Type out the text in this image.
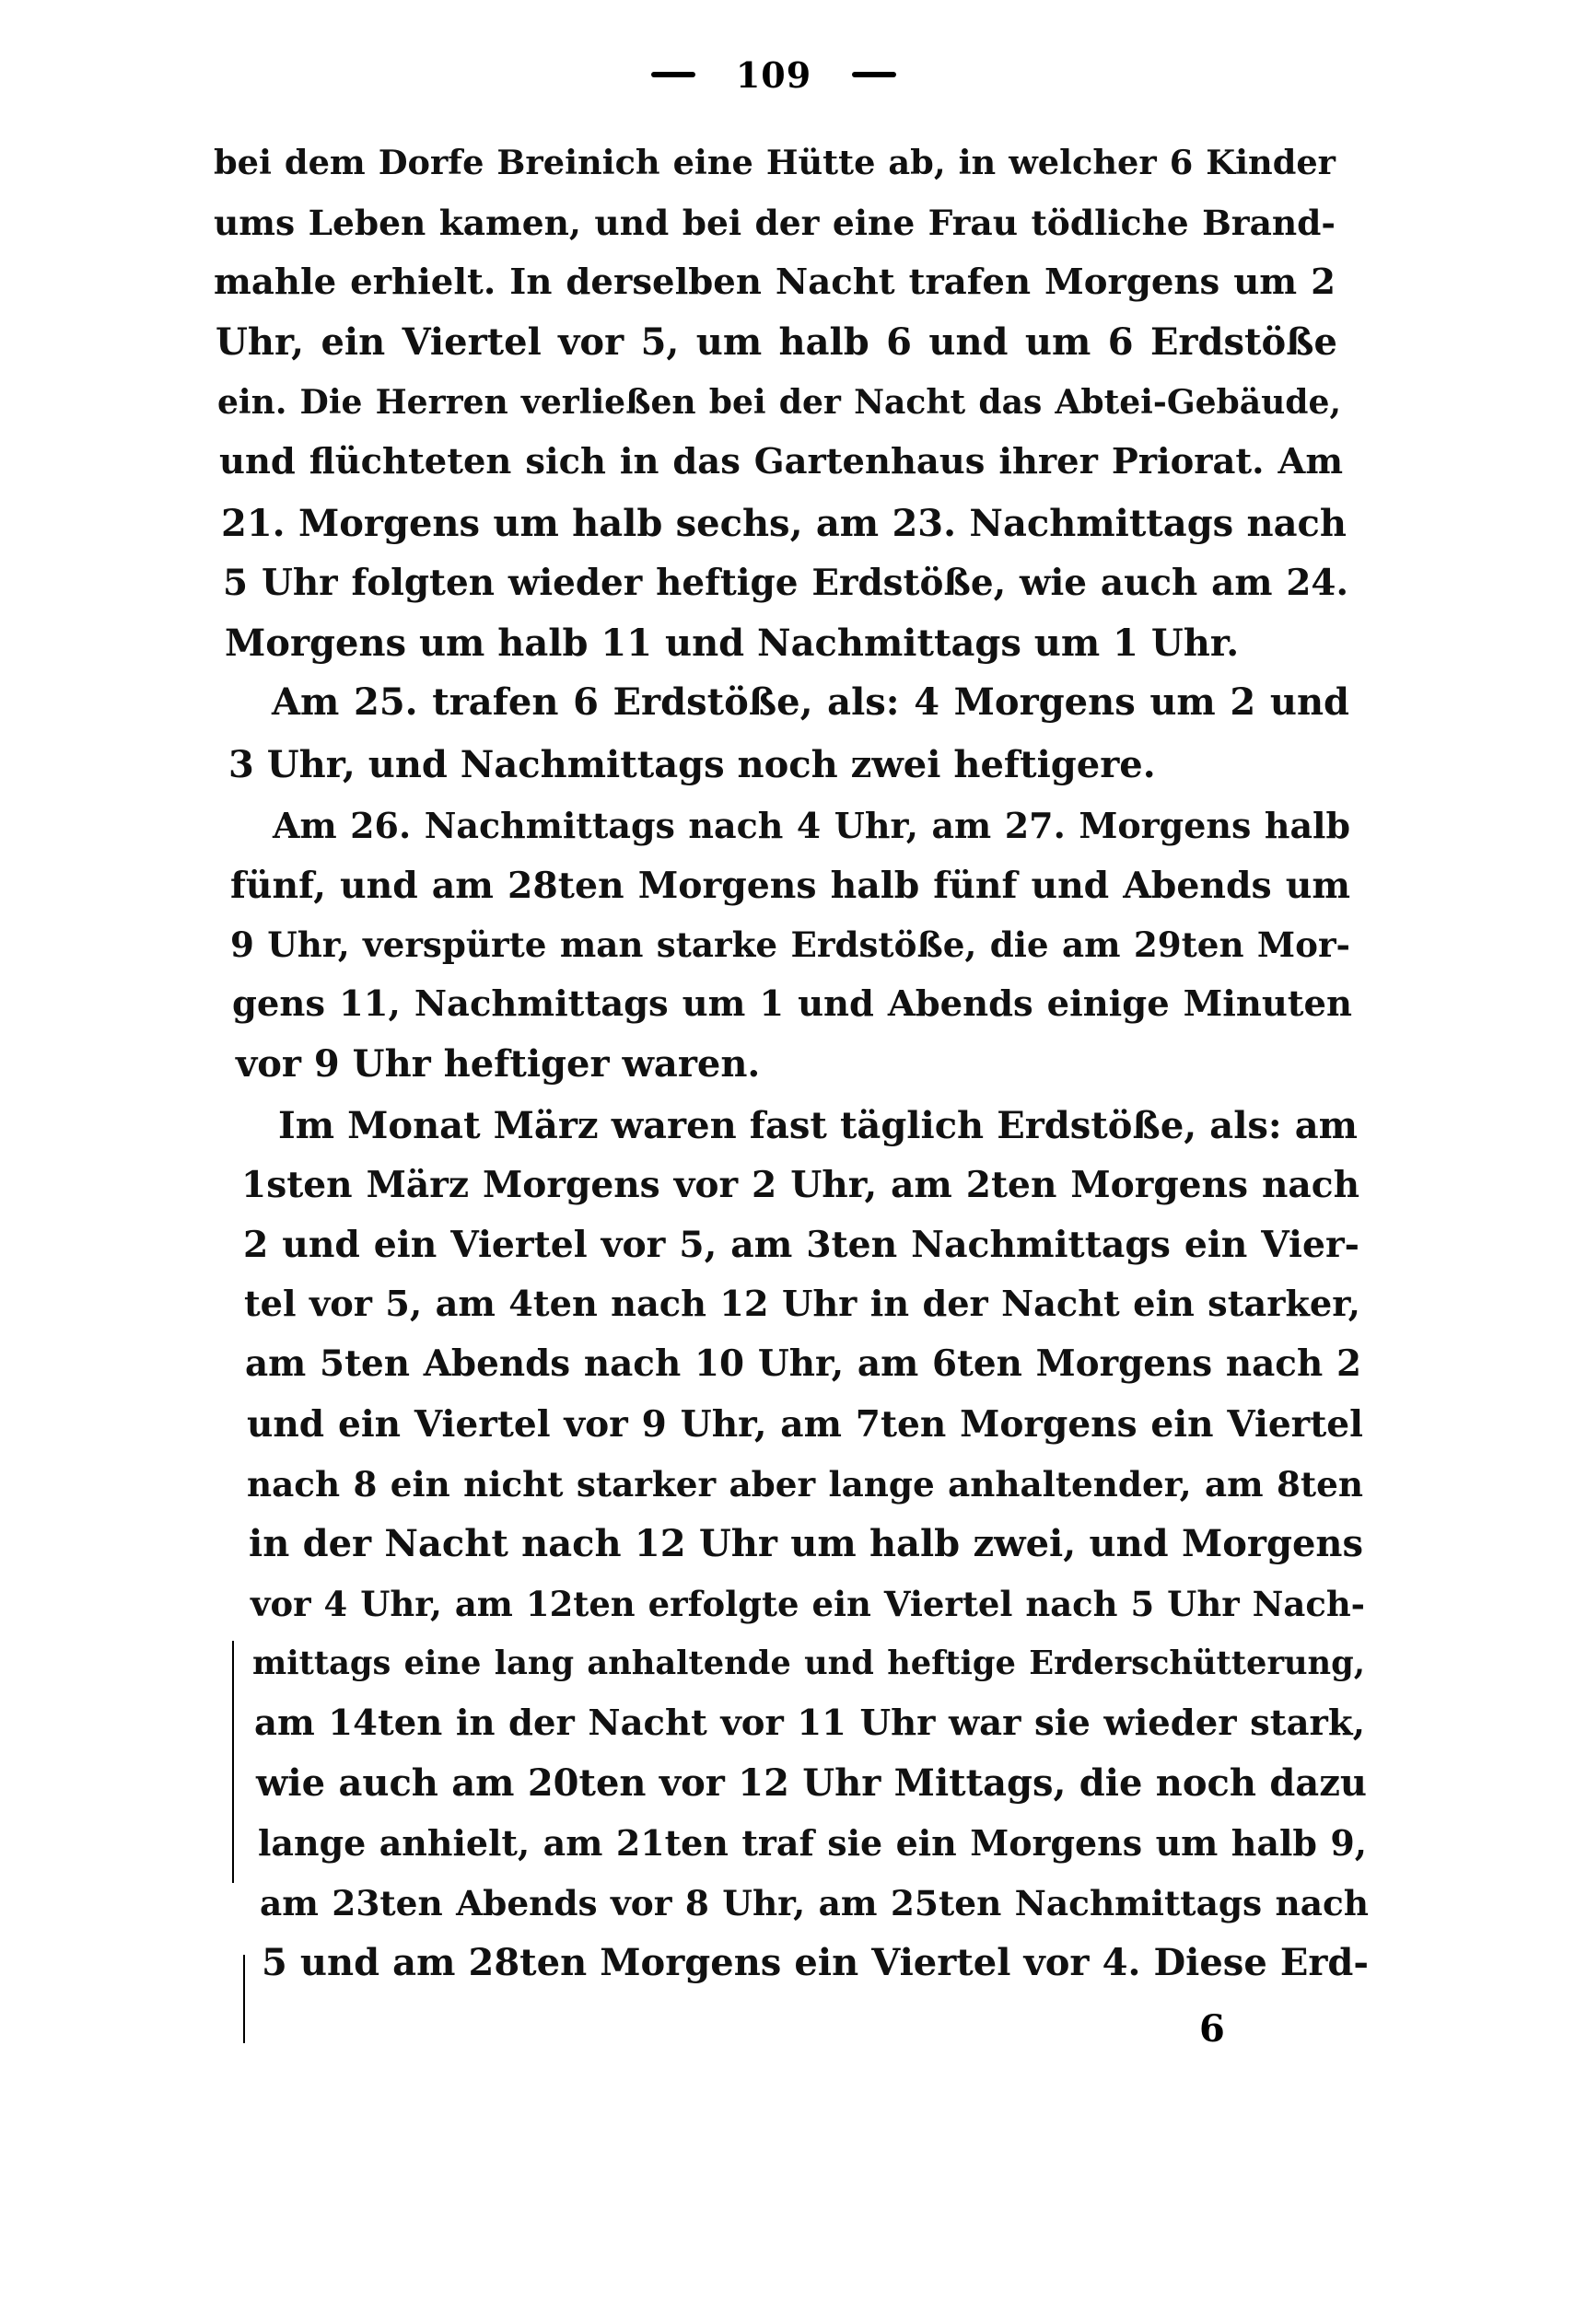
109
bei dem Dorfe Breinich eine Hütte ab, in welcher 6 Kinder
ums Leben kamen, und bei der eine Frau tödliche Brand-
mahle erhielt. In derselben Nacht trafen Morgens um 2
Uhr, ein Viertel vor 5, um halb 6 und um 6 Erdstöße
ein. Die Herren verließen bei der Nacht das Abtei-Gebäude,
und flüchteten sich in das Gartenhaus ihrer Priorat. Am
21. Morgens um halb sechs, am 23. Nachmittags nach
5 Uhr folgten wieder heftige Erdstöße, wie auch am 24.
Morgens um halb 11 und Nachmittags um 1 Uhr.
Am 25. trafen 6 Erdstöße, als: 4 Morgens um 2 und
3 Uhr, und Nachmittags noch zwei heftigere.
Am 26. Nachmittags nach 4 Uhr, am 27. Morgens halb
fünf, und am 28ten Morgens halb fünf und Abends um
9 Uhr, verspürte man starke Erdstöße, die am 29ten Mor-
gens 11, Nachmittags um 1 und Abends einige Minuten
vor 9 Uhr heftiger waren.
Im Monat März waren fast täglich Erdstöße, als: am
1sten März Morgens vor 2 Uhr, am 2ten Morgens nach
2 und ein Viertel vor 5, am 3ten Nachmittags ein Vier-
tel vor 5, am 4ten nach 12 Uhr in der Nacht ein starker,
am 5ten Abends nach 10 Uhr, am 6ten Morgens nach 2
und ein Viertel vor 9 Uhr, am 7ten Morgens ein Viertel
nach 8 ein nicht starker aber lange anhaltender, am 8ten
in der Nacht nach 12 Uhr um halb zwei, und Morgens
vor 4 Uhr, am 12ten erfolgte ein Viertel nach 5 Uhr Nach-
mittags eine lang anhaltende und heftige Erderschütterung,
am 14ten in der Nacht vor 11 Uhr war sie wieder stark,
wie auch am 20ten vor 12 Uhr Mittags, die noch dazu
lange anhielt, am 21ten traf sie ein Morgens um halb 9,
am 23ten Abends vor 8 Uhr, am 25ten Nachmittags nach
5 und am 28ten Morgens ein Viertel vor 4. Diese Erd-
6
